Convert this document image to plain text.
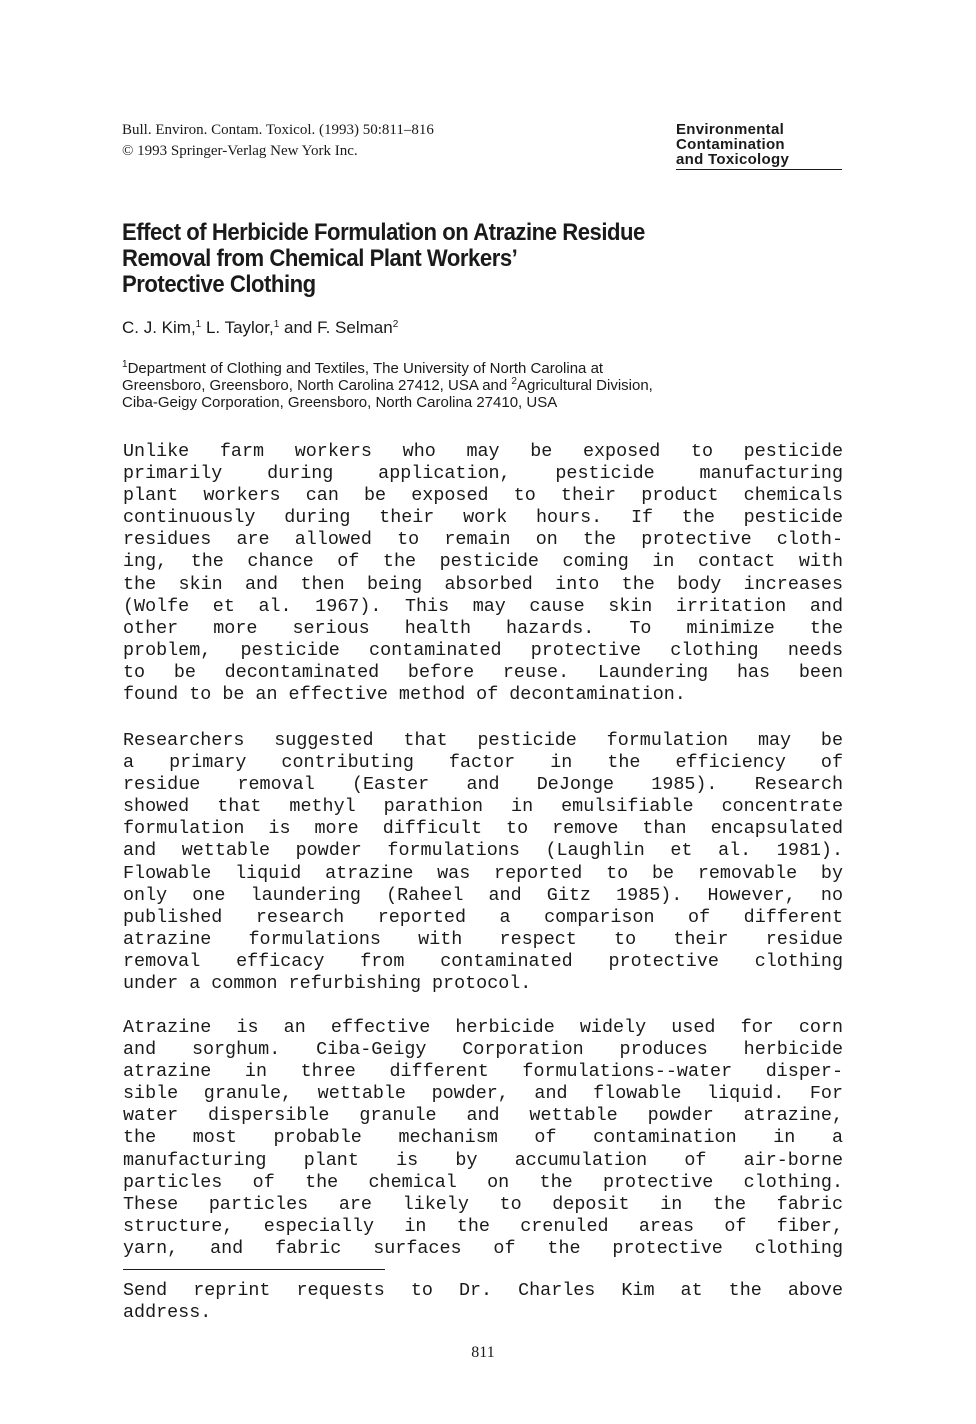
Bull. Environ. Contam. Toxicol. (1993) 50:811–816
© 1993 Springer-Verlag New York Inc.
Environmental
Contamination
and Toxicology
Effect of Herbicide Formulation on Atrazine Residue
Removal from Chemical Plant Workers’
Protective Clothing
C. J. Kim,$^1$ L. Taylor,$^1$ and F. Selman$^2$
$^1$Department of Clothing and Textiles, The University of North Carolina at
Greensboro, Greensboro, North Carolina 27412, USA and $^2$Agricultural Division,
Ciba-Geigy Corporation, Greensboro, North Carolina 27410, USA
Unlike farm workers who may be exposed to pesticide
primarily during application, pesticide manufacturing
plant workers can be exposed to their product chemicals
continuously during their work hours. If the pesticide
residues are allowed to remain on the protective cloth-
ing, the chance of the pesticide coming in contact with
the skin and then being absorbed into the body increases
(Wolfe et al. 1967). This may cause skin irritation and
other more serious health hazards. To minimize the
problem, pesticide contaminated protective clothing needs
to be decontaminated before reuse. Laundering has been
found to be an effective method of decontamination.
Researchers suggested that pesticide formulation may be
a primary contributing factor in the efficiency of
residue removal (Easter and DeJonge 1985). Research
showed that methyl parathion in emulsifiable concentrate
formulation is more difficult to remove than encapsulated
and wettable powder formulations (Laughlin et al. 1981).
Flowable liquid atrazine was reported to be removable by
only one laundering (Raheel and Gitz 1985). However, no
published research reported a comparison of different
atrazine formulations with respect to their residue
removal efficacy from contaminated protective clothing
under a common refurbishing protocol.
Atrazine is an effective herbicide widely used for corn
and sorghum. Ciba-Geigy Corporation produces herbicide
atrazine in three different formulations--water disper-
sible granule, wettable powder, and flowable liquid. For
water dispersible granule and wettable powder atrazine,
the most probable mechanism of contamination in a
manufacturing plant is by accumulation of air-borne
particles of the chemical on the protective clothing.
These particles are likely to deposit in the fabric
structure, especially in the crenuled areas of fiber,
yarn, and fabric surfaces of the protective clothing
Send reprint requests to Dr. Charles Kim at the above
address.
811
